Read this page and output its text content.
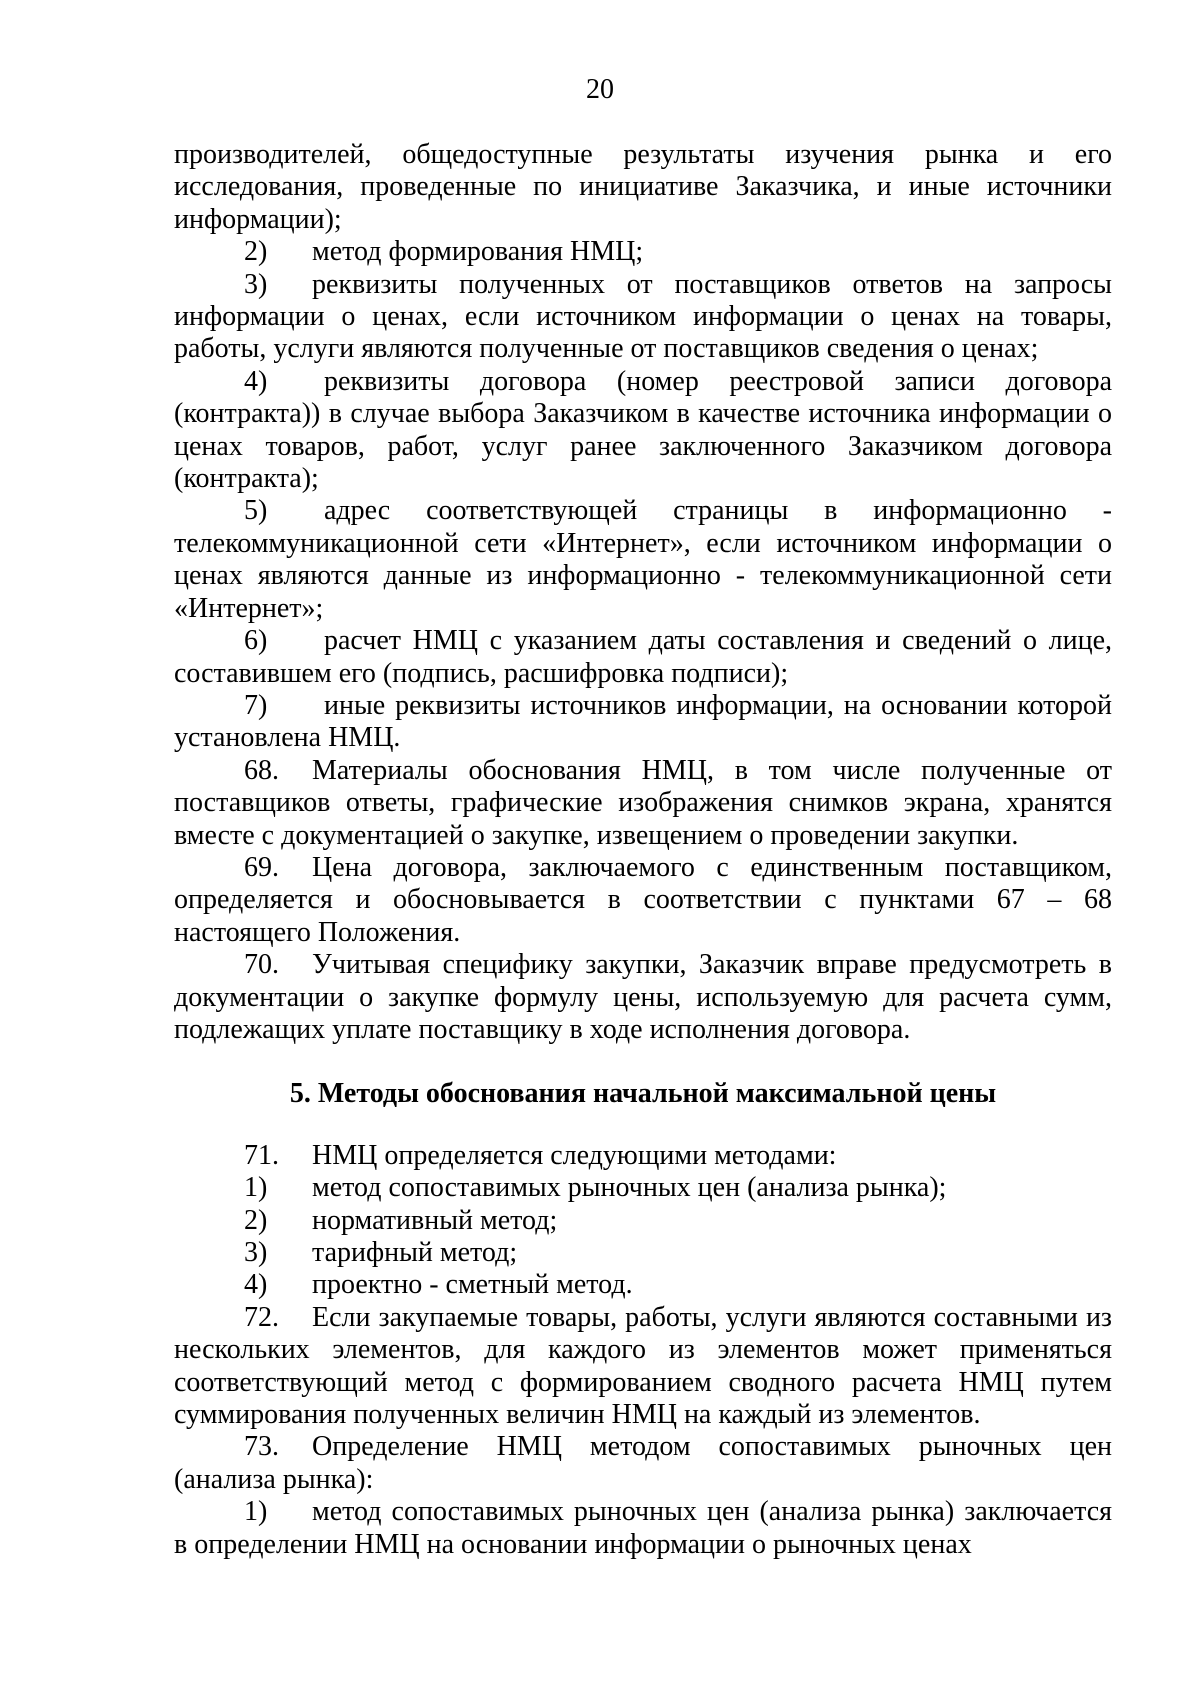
20

производителей, общедоступные результаты изучения рынка и его исследования, проведенные по инициативе Заказчика, и иные источники информации);

2) метод формирования НМЦ;

3) реквизиты полученных от поставщиков ответов на запросы информации о ценах, если источником информации о ценах на товары, работы, услуги являются полученные от поставщиков сведения о ценах;

4) реквизиты договора (номер реестровой записи договора (контракта)) в случае выбора Заказчиком в качестве источника информации о ценах товаров, работ, услуг ранее заключенного Заказчиком договора (контракта);

5) адрес соответствующей страницы в информационно - телекоммуникационной сети «Интернет», если источником информации о ценах являются данные из информационно - телекоммуникационной сети «Интернет»;

6) расчет НМЦ с указанием даты составления и сведений о лице, составившем его (подпись, расшифровка подписи);

7) иные реквизиты источников информации, на основании которой установлена НМЦ.

68. Материалы обоснования НМЦ, в том числе полученные от поставщиков ответы, графические изображения снимков экрана, хранятся вместе с документацией о закупке, извещением о проведении закупки.

69. Цена договора, заключаемого с единственным поставщиком, определяется и обосновывается в соответствии с пунктами 67 – 68 настоящего Положения.

70. Учитывая специфику закупки, Заказчик вправе предусмотреть в документации о закупке формулу цены, используемую для расчета сумм, подлежащих уплате поставщику в ходе исполнения договора.

5. Методы обоснования начальной максимальной цены

71. НМЦ определяется следующими методами:

1) метод сопоставимых рыночных цен (анализа рынка);

2) нормативный метод;

3) тарифный метод;

4) проектно - сметный метод.

72. Если закупаемые товары, работы, услуги являются составными из нескольких элементов, для каждого из элементов может применяться соответствующий метод с формированием сводного расчета НМЦ путем суммирования полученных величин НМЦ на каждый из элементов.

73. Определение НМЦ методом сопоставимых рыночных цен (анализа рынка):

1) метод сопоставимых рыночных цен (анализа рынка) заключается в определении НМЦ на основании информации о рыночных ценах
